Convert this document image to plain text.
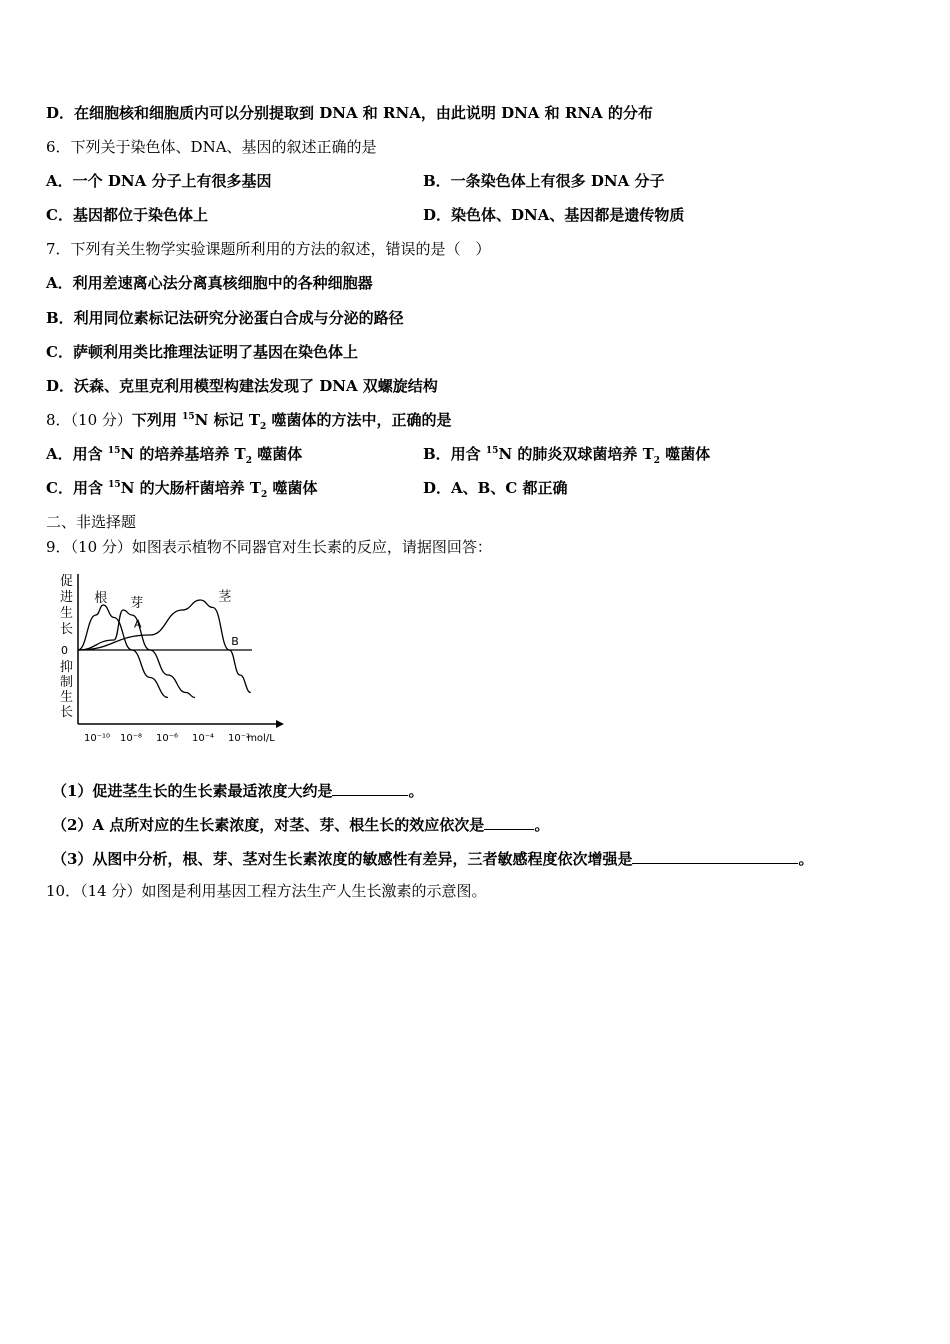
D．在细胞核和细胞质内可以分别提取到 DNA 和 RNA，由此说明 DNA 和 RNA 的分布
6．下列关于染色体、DNA、基因的叙述正确的是
A．一个 DNA 分子上有很多基因	B．一条染色体上有很多 DNA 分子
C．基因都位于染色体上	D．染色体、DNA、基因都是遗传物质
7．下列有关生物学实验课题所利用的方法的叙述，错误的是（　）
A．利用差速离心法分离真核细胞中的各种细胞器
B．利用同位素标记法研究分泌蛋白合成与分泌的路径
C．萨顿利用类比推理法证明了基因在染色体上
D．沃森、克里克利用模型构建法发现了 DNA 双螺旋结构
8．（10 分）下列用 $^{15}$N 标记 $T_2$ 噬菌体的方法中，正确的是
A．用含 $^{15}$N 的培养基培养 $T_2$ 噬菌体	B．用含 $^{15}$N 的肺炎双球菌培养 $T_2$ 噬菌体
C．用含 $^{15}$N 的大肠杆菌培养 $T_2$ 噬菌体	D．A、B、C 都正确
二、非选择题
9．（10 分）如图表示植物不同器官对生长素的反应，请据图回答：
促
进
生
长
0
抑
制
生
长
根 芽	茎
A
B
10⁻¹⁰ 10⁻⁸ 10⁻⁶ 10⁻⁴ 10⁻²
mol/L
（1）促进茎生长的生长素最适浓度大约是	。
（2）A 点所对应的生长素浓度，对茎、芽、根生长的效应依次是	。
（3）从图中分析，根、芽、茎对生长素浓度的敏感性有差异，三者敏感程度依次增强是	。
10．（14 分）如图是利用基因工程方法生产人生长激素的示意图。
